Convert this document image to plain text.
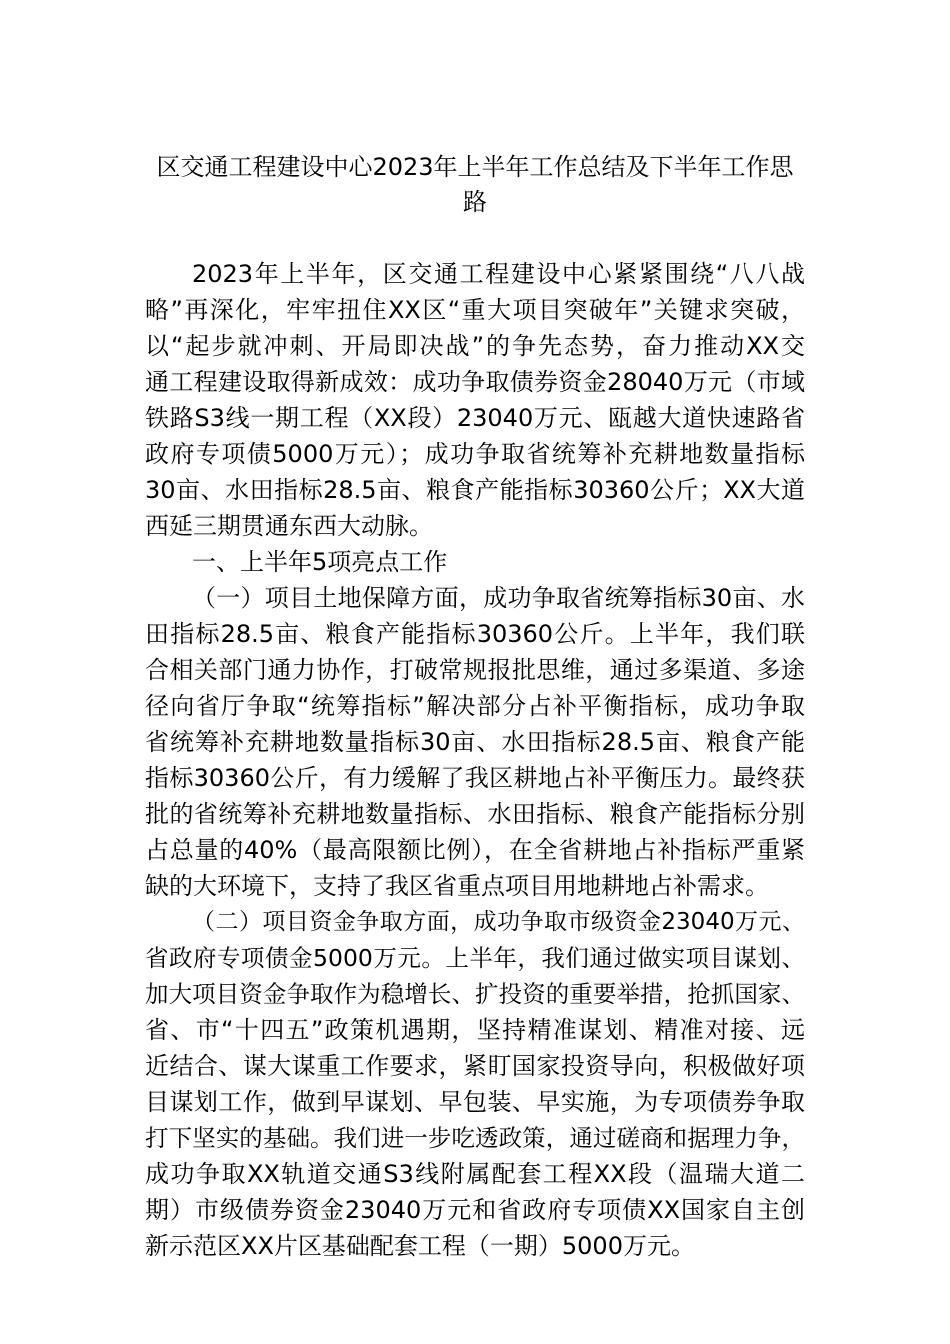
区交通工程建设中心2023年上半年工作总结及下半年工作思
路

2023年上半年，区交通工程建设中心紧紧围绕“八八战

略”再深化，牢牢扭住XX区“重大项目突破年”关键求突破，

以“起步就冲刺、开局即决战”的争先态势，奋力推动XX交

通工程建设取得新成效：成功争取债券资金28040万元（市域

铁路S3线一期工程（XX段）23040万元、瓯越大道快速路省

政府专项债5000万元）；成功争取省统筹补充耕地数量指标

30亩、水田指标28.5亩、粮食产能指标30360公斤；XX大道

西延三期贯通东西大动脉。

一、上半年5项亮点工作

（一）项目土地保障方面，成功争取省统筹指标30亩、水

田指标28.5亩、粮食产能指标30360公斤。上半年，我们联

合相关部门通力协作，打破常规报批思维，通过多渠道、多途

径向省厅争取“统筹指标”解决部分占补平衡指标，成功争取

省统筹补充耕地数量指标30亩、水田指标28.5亩、粮食产能

指标30360公斤，有力缓解了我区耕地占补平衡压力。最终获

批的省统筹补充耕地数量指标、水田指标、粮食产能指标分别

占总量的40%（最高限额比例），在全省耕地占补指标严重紧

缺的大环境下，支持了我区省重点项目用地耕地占补需求。

（二）项目资金争取方面，成功争取市级资金23040万元、

省政府专项债金5000万元。上半年，我们通过做实项目谋划、

加大项目资金争取作为稳增长、扩投资的重要举措，抢抓国家、

省、市“十四五”政策机遇期，坚持精准谋划、精准对接、远

近结合、谋大谋重工作要求，紧盯国家投资导向，积极做好项

目谋划工作，做到早谋划、早包装、早实施，为专项债券争取

打下坚实的基础。我们进一步吃透政策，通过磋商和据理力争，

成功争取XX轨道交通S3线附属配套工程XX段（温瑞大道二

期）市级债券资金23040万元和省政府专项债XX国家自主创

新示范区XX片区基础配套工程（一期）5000万元。
